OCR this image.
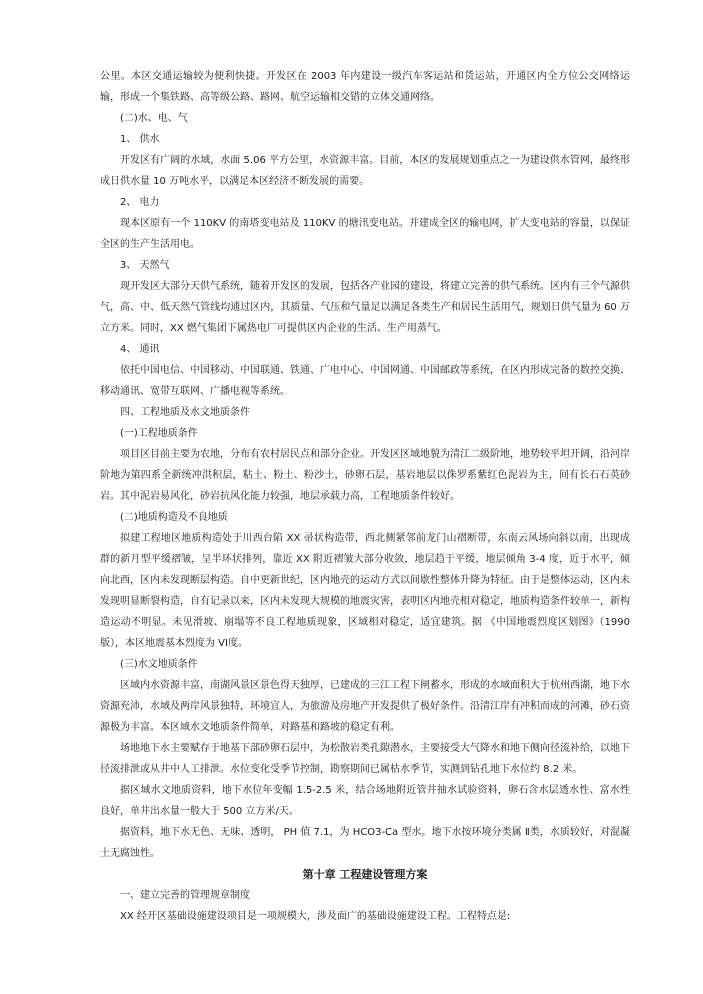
公里。本区交通运输较为便利快捷。开发区在 2003 年内建设一级汽车客运站和货运站，开通区内全方位公交网络运输，形成一个集铁路、高等级公路、路网、航空运输相交错的立体交通网络。

(二)水、电、气

1、 供水

开发区有广阔的水域，水面 5.06 平方公里，水资源丰富。目前，本区的发展规划重点之一为建设供水管网，最终形成日供水量 10 万吨水平，以满足本区经济不断发展的需要。

2、 电力

现本区原有一个 110KV 的南塔变电站及 110KV 的塘汛变电站。并建成全区的输电网，扩大变电站的容量，以保证全区的生产生活用电。

3、 天然气

现开发区大部分天供气系统，随着开发区的发展，包括各产业园的建设，将建立完善的供气系统。区内有三个气源供气，高、中、低天然气管线均通过区内，其质量、气压和气量足以满足各类生产和居民生活用气，规划日供气量为 60 万立方米。同时，XX 燃气集团下属热电厂可提供区内企业的生活、生产用蒸气。

4、 通讯

依托中国电信、中国移动、中国联通、铁通、广电中心、中国网通、中国邮政等系统，在区内形成完备的数控交换、移动通讯、宽带互联网、广播电视等系统。

四、工程地质及水文地质条件

(一)工程地质条件

项目区目前主要为农地，分布有农村居民点和部分企业。开发区区域地貌为清江二级阶地，地势较平坦开阔，沿河岸阶地为第四系全新统冲洪积层，粘土、粉土、粉沙土，砂卵石层，基岩地层以侏罗系紫红色泥岩为主，间有长石石英砂岩。其中泥岩易风化，砂岩抗风化能力较强，地层承载力高，工程地质条件较好。

(二)地质构造及不良地质

拟建工程地区地质构造处于川西台陷 XX 帚状构造带，西北侧紧邻前龙门山褶断带，东南云风场向斜以南，出现成群的新月型平缓褶皱，呈半环状排列，靠近 XX 附近褶皱大部分收敛，地层趋于平缓，地层倾角 3-4 度，近于水平，倾向北西，区内未发现断层构造。自中更新世纪，区内地壳的运动方式以间歇性整体升降为特征。由于是整体运动，区内未发现明显断裂构造，自有记录以来，区内未发现大规模的地震灾害，表明区内地壳相对稳定，地质构造条件较单一，新构造运动不明显。未见滑坡、崩塌等不良工程地质现象，区域相对稳定，适宜建筑。据 《中国地震烈度区划图》（1990 版），本区地震基本烈度为 VI度。

(三)水文地质条件

区域内水资源丰富，南湖风景区景色得天独厚，已建成的三江工程下闸蓄水，形成的水域面积大于杭州西湖，地下水资源充沛，水域及两岸风景独特，环境宜人，为旅游及房地产开发提供了极好条件。沿清江岸有冲积而成的河滩，砂石资源极为丰富。本区域水文地质条件简单，对路基和路坡的稳定有利。

场地地下水主要赋存于地基下部砂卵石层中，为松散岩类孔隙潜水，主要接受大气降水和地下侧向径流补给，以地下径流排泄或从井中人工排泄。水位变化受季节控制，勘察期间已属枯水季节，实测到钻孔地下水位约 8.2 米。

据区域水文地质资料，地下水位年变幅 1.5-2.5 米，结合场地附近管井抽水试验资料，卵石含水层透水性、富水性良好，单井出水量一般大于 500 立方米/天。

据资料，地下水无色、无味、透明， PH 值 7.1，为 HCO3-Ca 型水。地下水按环境分类属 Ⅱ类，水质较好，对混凝土无腐蚀性。

第十章 工程建设管理方案

一、建立完善的管理规章制度

XX 经开区基础设施建设项目是一项规模大，涉及面广的基础设施建设工程。工程特点是:
